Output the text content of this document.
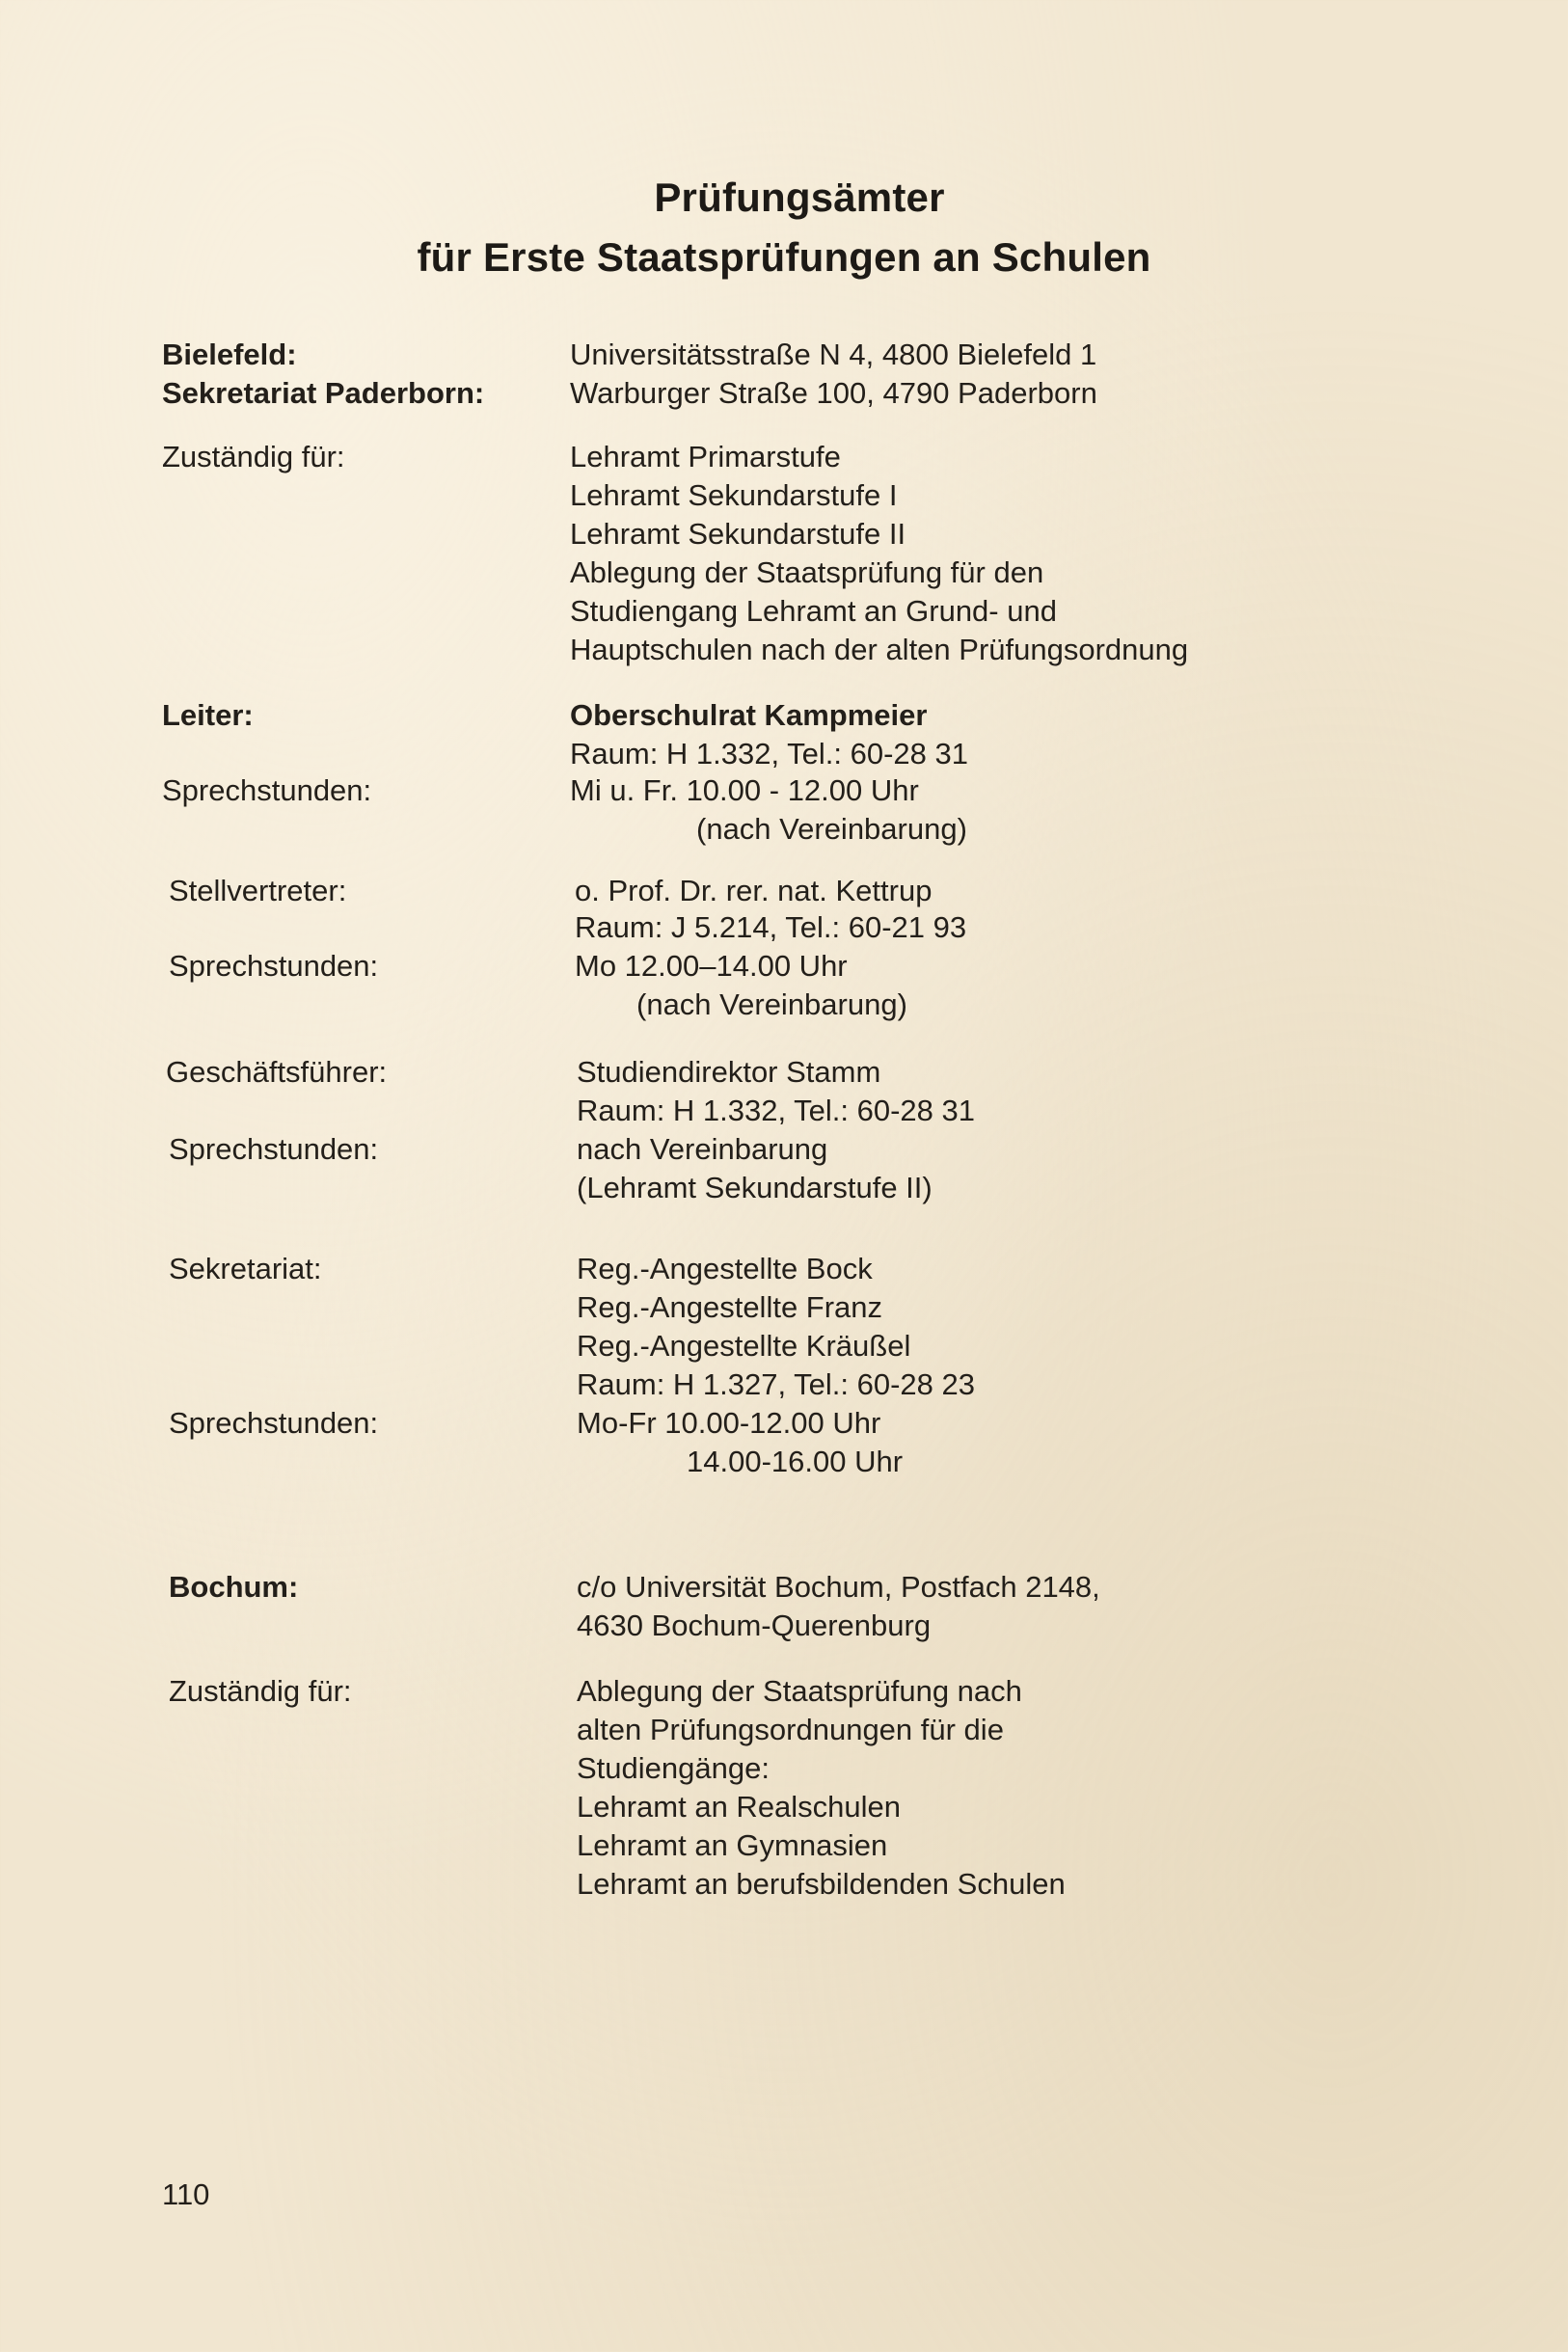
Prüfungsämter
für Erste Staatsprüfungen an Schulen
Bielefeld:	Universitätsstraße N 4, 4800 Bielefeld 1
Sekretariat Paderborn:	Warburger Straße 100, 4790 Paderborn
Zuständig für:	Lehramt Primarstufe
Lehramt Sekundarstufe I
Lehramt Sekundarstufe II
Ablegung der Staatsprüfung für den
Studiengang Lehramt an Grund- und
Hauptschulen nach der alten Prüfungsordnung
Leiter:	Oberschulrat Kampmeier
Raum: H 1.332, Tel.: 60-28 31
Sprechstunden:	Mi u. Fr. 10.00 - 12.00 Uhr
(nach Vereinbarung)
Stellvertreter:	o. Prof. Dr. rer. nat. Kettrup
Raum: J 5.214, Tel.: 60-21 93
Sprechstunden:	Mo 12.00–14.00 Uhr
(nach Vereinbarung)
Geschäftsführer:	Studiendirektor Stamm
Raum: H 1.332, Tel.: 60-28 31
Sprechstunden:	nach Vereinbarung
(Lehramt Sekundarstufe II)
Sekretariat:	Reg.-Angestellte Bock
Reg.-Angestellte Franz
Reg.-Angestellte Kräußel
Raum: H 1.327, Tel.: 60-28 23
Sprechstunden:	Mo-Fr 10.00-12.00 Uhr
14.00-16.00 Uhr
Bochum:	c/o Universität Bochum, Postfach 2148,
4630 Bochum-Querenburg
Zuständig für:	Ablegung der Staatsprüfung nach
alten Prüfungsordnungen für die
Studiengänge:
Lehramt an Realschulen
Lehramt an Gymnasien
Lehramt an berufsbildenden Schulen
110
